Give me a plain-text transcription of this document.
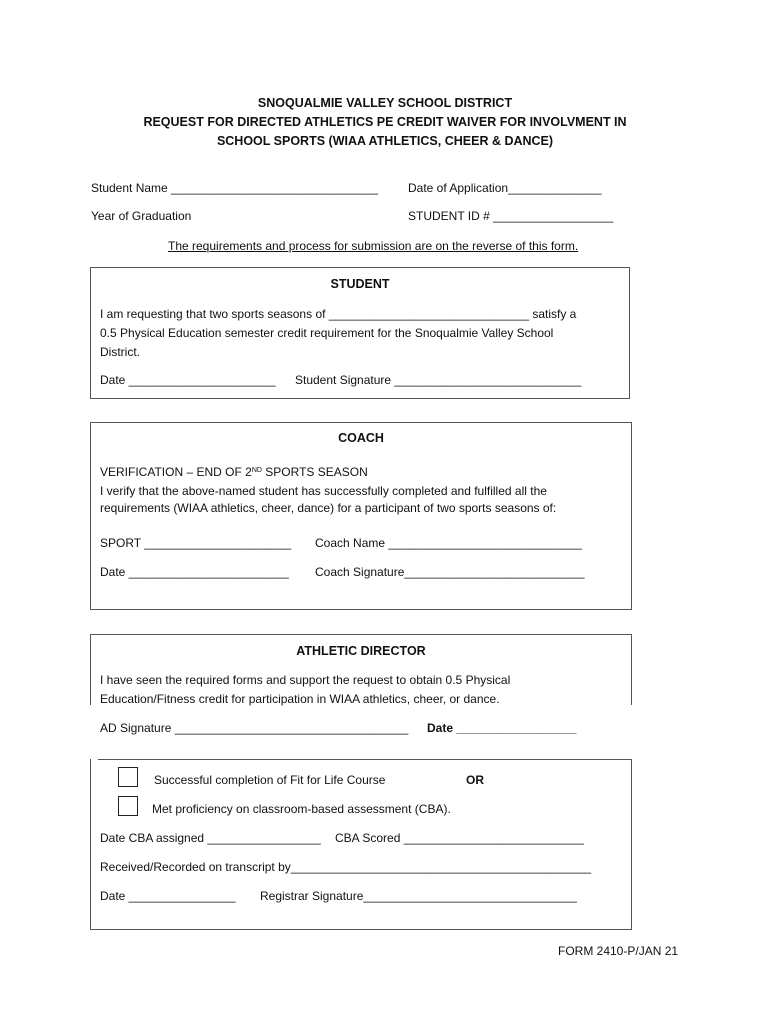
SNOQUALMIE VALLEY SCHOOL DISTRICT
REQUEST FOR DIRECTED ATHLETICS PE CREDIT WAIVER FOR INVOLVMENT IN
SCHOOL SPORTS (WIAA ATHLETICS, CHEER & DANCE)
Student Name _______________________________	Date of Application______________
Year of Graduation	STUDENT ID # __________________
The requirements and process for submission are on the reverse of this form.
STUDENT
I am requesting that two sports seasons of ______________________________ satisfy a
0.5 Physical Education semester credit requirement for the Snoqualmie Valley School
District.
Date ______________________ Student Signature ____________________________
COACH
VERIFICATION – END OF 2ND SPORTS SEASON
I verify that the above-named student has successfully completed and fulfilled all the
requirements (WIAA athletics, cheer, dance) for a participant of two sports seasons of:
SPORT ______________________ Coach Name _____________________________
Date ________________________ Coach Signature___________________________
ATHLETIC DIRECTOR
I have seen the required forms and support the request to obtain 0.5 Physical
Education/Fitness credit for participation in WIAA athletics, cheer, or dance.
AD Signature ___________________________________ Date __________________
Successful completion of Fit for Life Course	OR
Met proficiency on classroom-based assessment (CBA).
Date CBA assigned _________________ CBA Scored ___________________________
Received/Recorded on transcript by_____________________________________________
Date ________________ Registrar Signature________________________________
FORM 2410-P/JAN 21
